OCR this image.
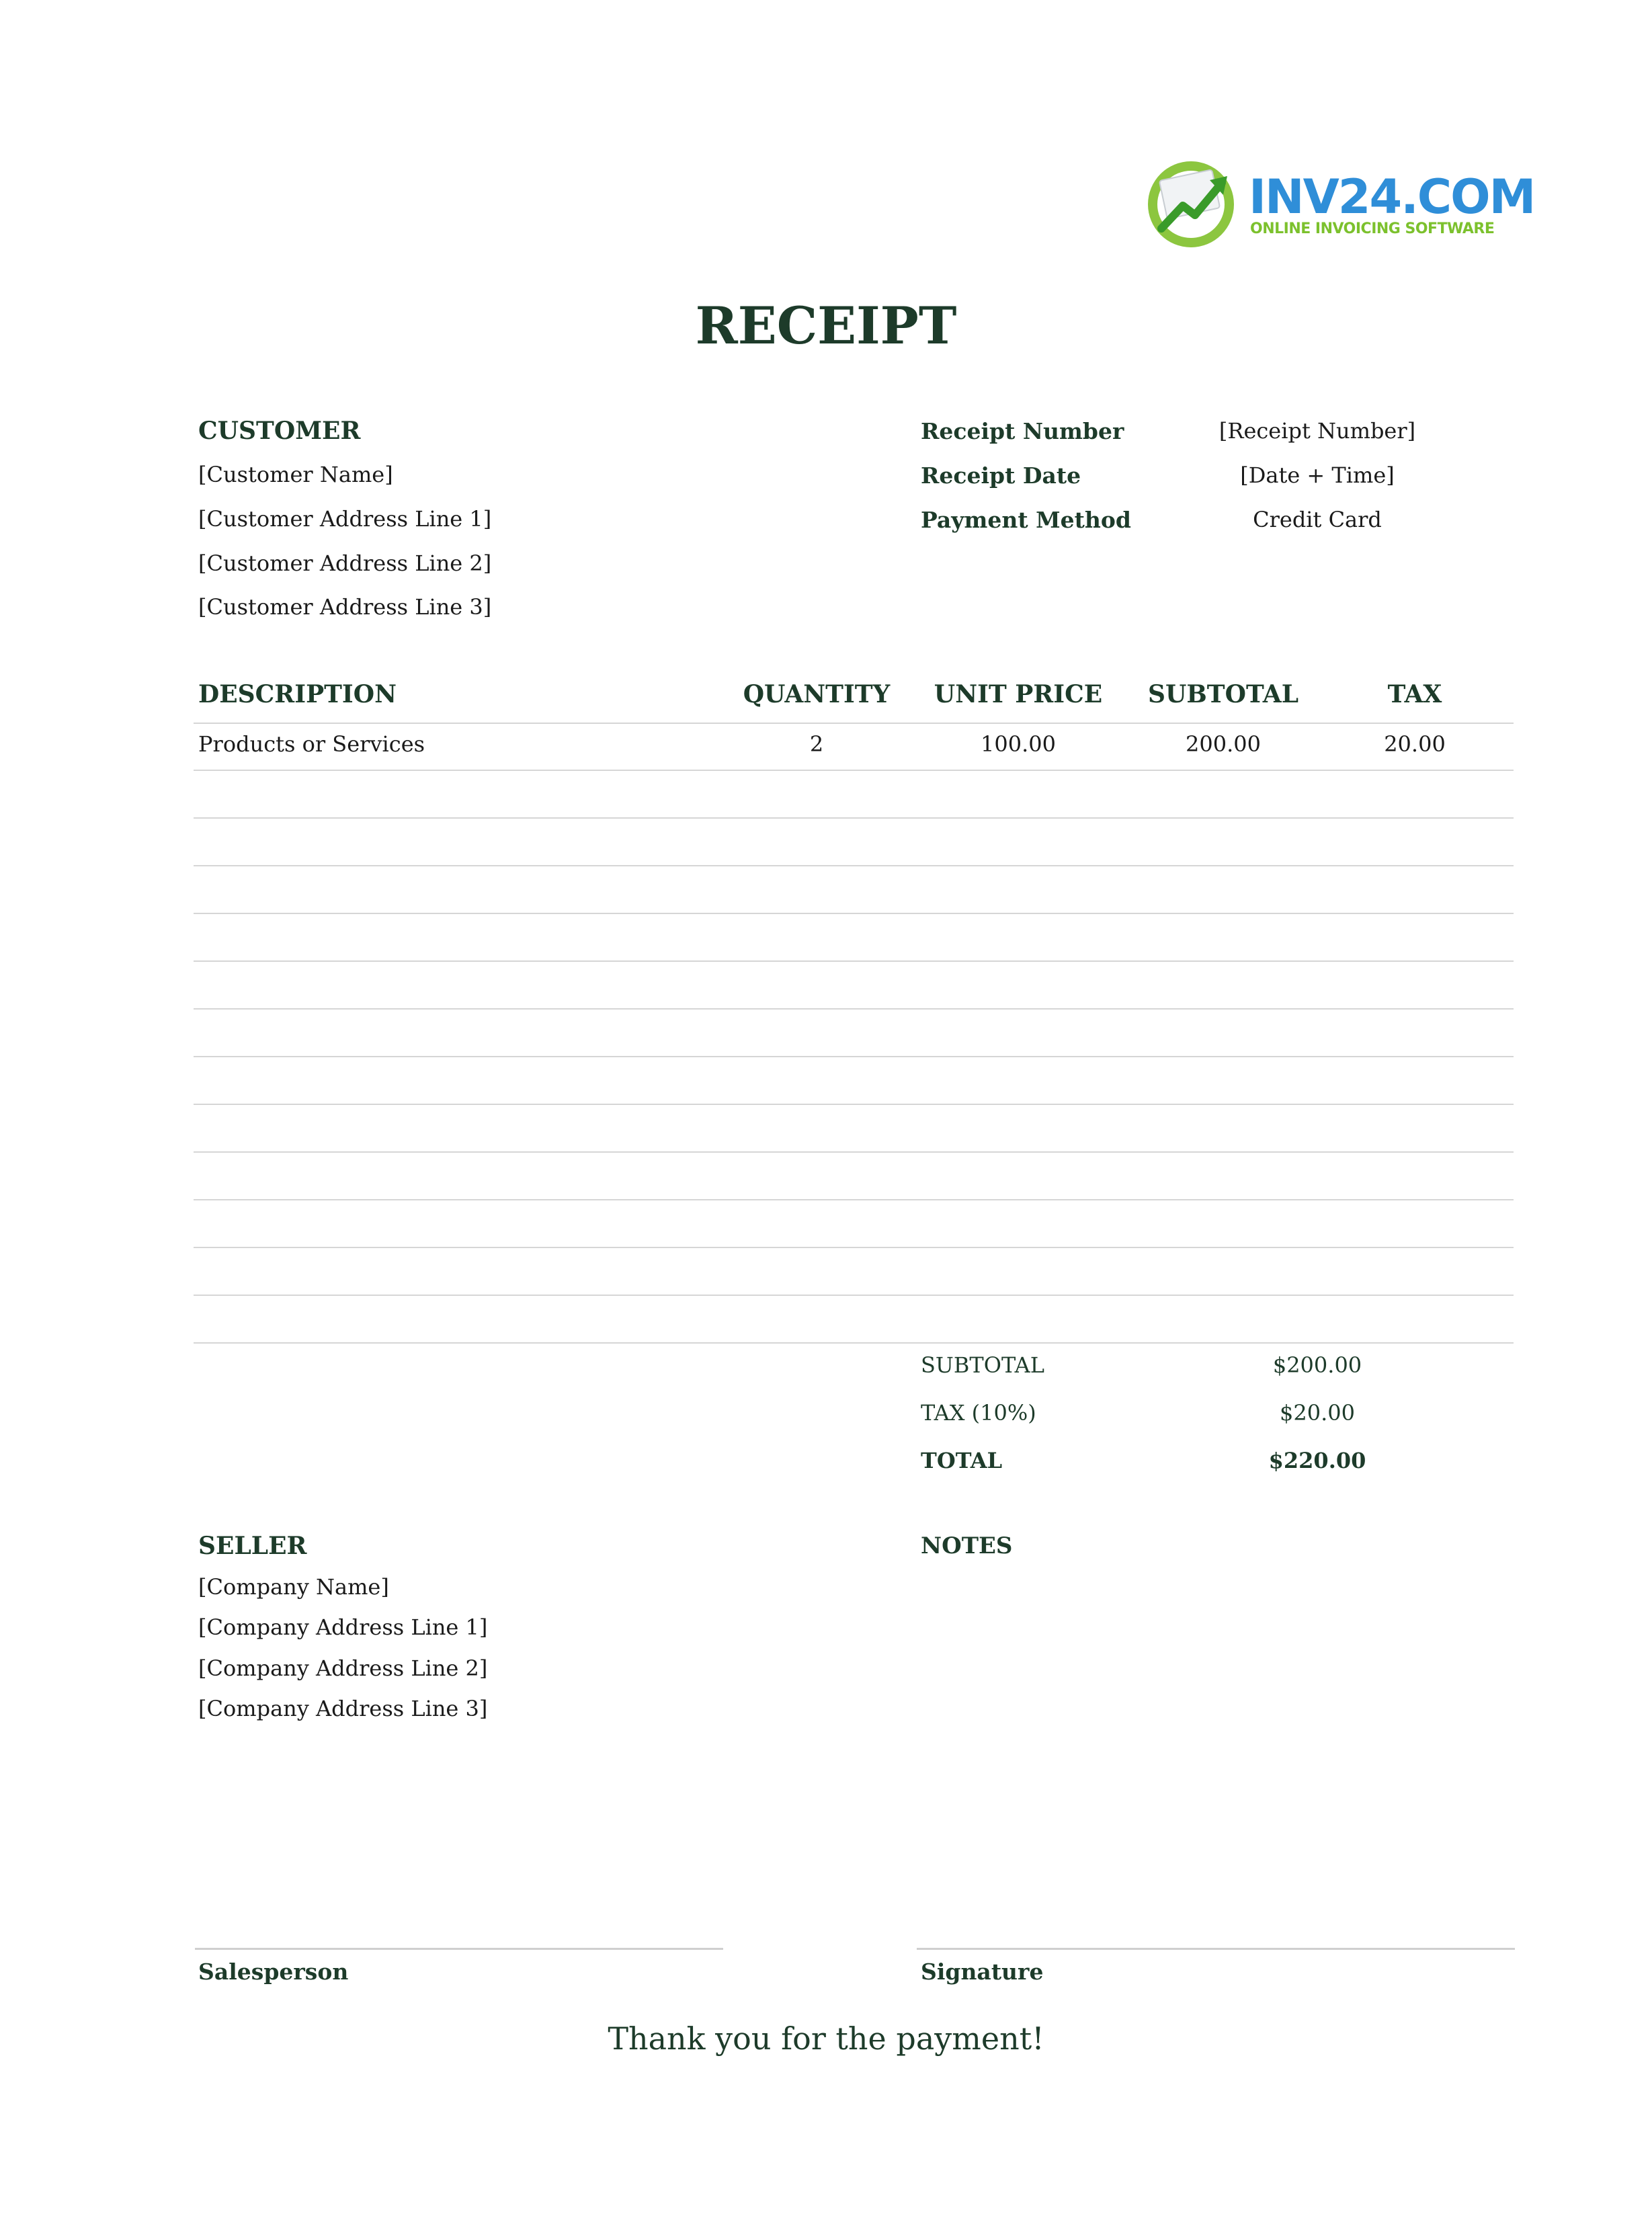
INV24.COM
ONLINE INVOICING SOFTWARE
RECEIPT
CUSTOMER
[Customer Name]
[Customer Address Line 1]
[Customer Address Line 2]
[Customer Address Line 3]
Receipt Number	[Receipt Number]
Receipt Date	[Date + Time]
Payment Method	Credit Card
DESCRIPTION	QUANTITY	UNIT PRICE	SUBTOTAL	TAX
Products or Services	2	100.00	200.00	20.00
SUBTOTAL	$200.00
TAX (10%)	$20.00
TOTAL	$220.00
SELLER
[Company Name]
[Company Address Line 1]
[Company Address Line 2]
[Company Address Line 3]
NOTES
Salesperson	Signature
Thank you for the payment!
